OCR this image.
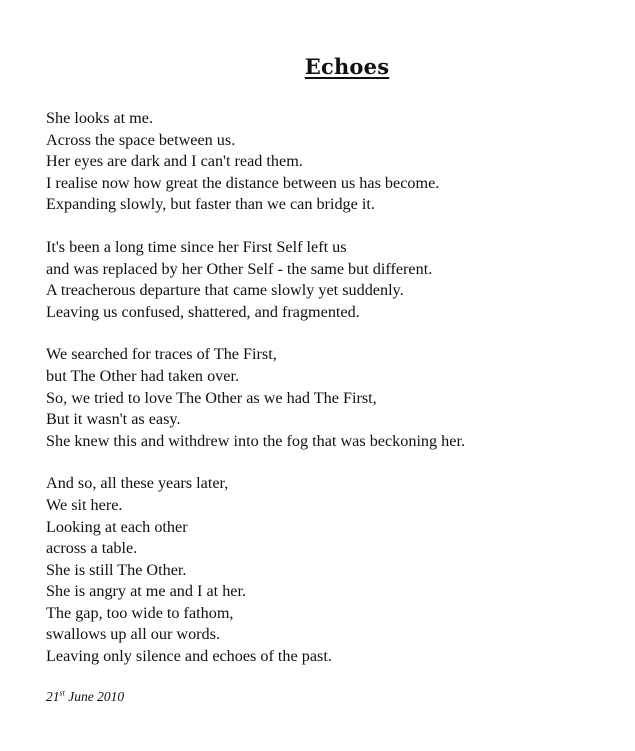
Echoes
She looks at me.
Across the space between us.
Her eyes are dark and I can't read them.
I realise now how great the distance between us has become.
Expanding slowly, but faster than we can bridge it.
It's been a long time since her First Self left us
and was replaced by her Other Self - the same but different.
A treacherous departure that came slowly yet suddenly.
Leaving us confused, shattered, and fragmented.
We searched for traces of The First,
but The Other had taken over.
So, we tried to love The Other as we had The First,
But it wasn't as easy.
She knew this and withdrew into the fog that was beckoning her.
And so, all these years later,
We sit here.
Looking at each other
across a table.
She is still The Other.
She is angry at me and I at her.
The gap, too wide to fathom,
swallows up all our words.
Leaving only silence and echoes of the past.
21st June 2010
